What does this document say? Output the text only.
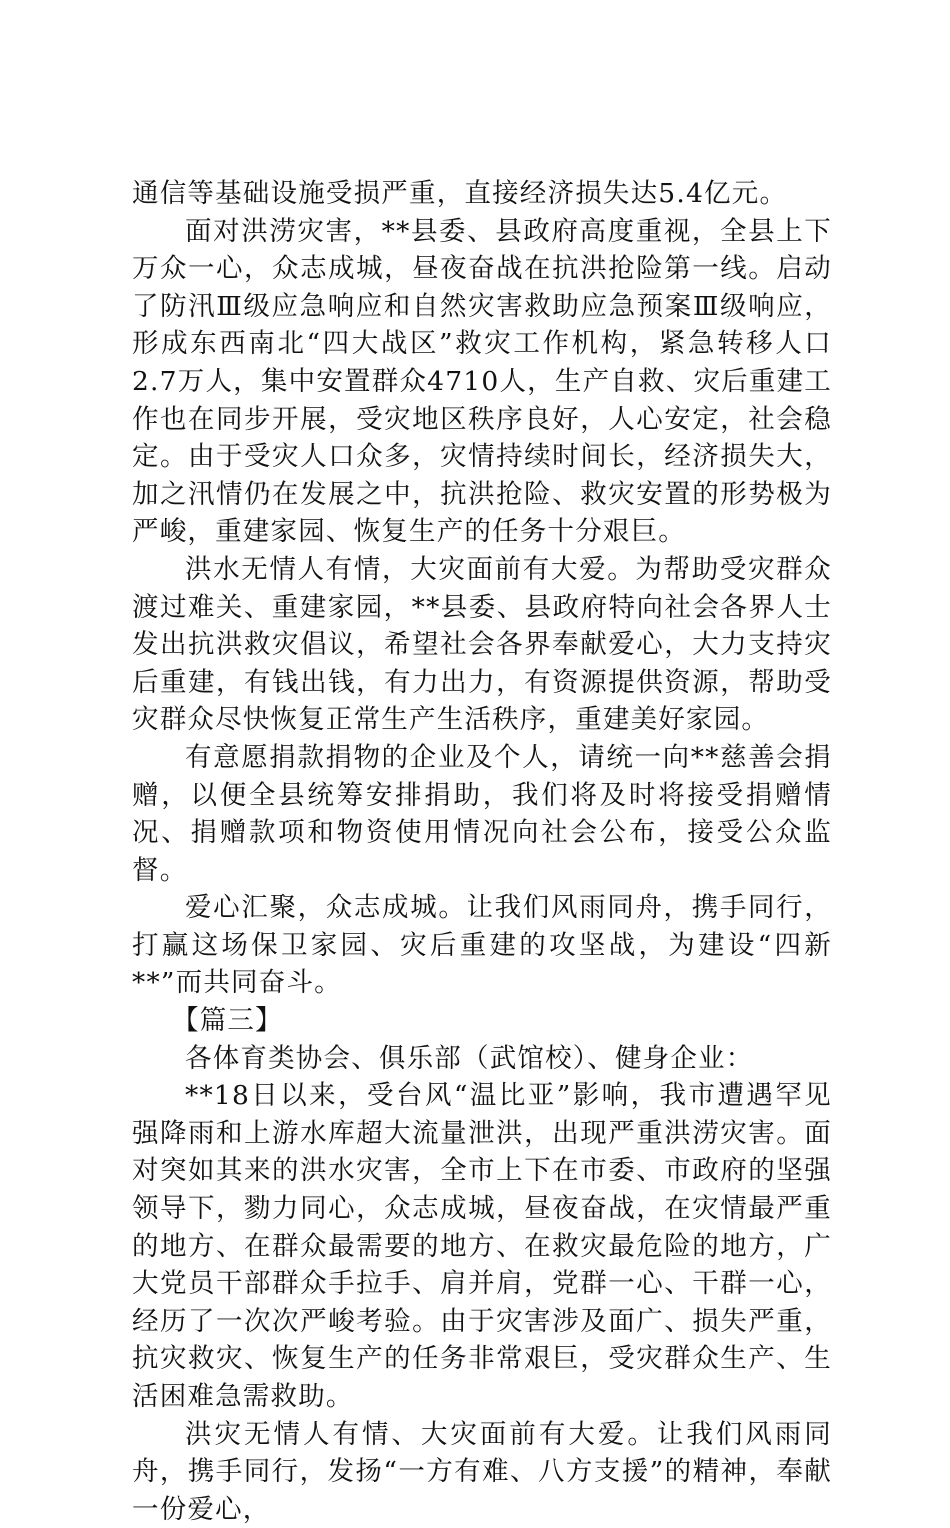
通信等基础设施受损严重，直接经济损失达5.4亿元。

面对洪涝灾害，**县委、县政府高度重视，全县上下万众一心，众志成城，昼夜奋战在抗洪抢险第一线。启动了防汛Ⅲ级应急响应和自然灾害救助应急预案Ⅲ级响应，形成东西南北“四大战区”救灾工作机构，紧急转移人口2.7万人，集中安置群众4710人，生产自救、灾后重建工作也在同步开展，受灾地区秩序良好，人心安定，社会稳定。由于受灾人口众多，灾情持续时间长，经济损失大，加之汛情仍在发展之中，抗洪抢险、救灾安置的形势极为严峻，重建家园、恢复生产的任务十分艰巨。

洪水无情人有情，大灾面前有大爱。为帮助受灾群众渡过难关、重建家园，**县委、县政府特向社会各界人士发出抗洪救灾倡议，希望社会各界奉献爱心，大力支持灾后重建，有钱出钱，有力出力，有资源提供资源，帮助受灾群众尽快恢复正常生产生活秩序，重建美好家园。

有意愿捐款捐物的企业及个人，请统一向**慈善会捐赠，以便全县统筹安排捐助，我们将及时将接受捐赠情况、捐赠款项和物资使用情况向社会公布，接受公众监督。

爱心汇聚，众志成城。让我们风雨同舟，携手同行，打赢这场保卫家园、灾后重建的攻坚战，为建设“四新**”而共同奋斗。

【篇三】

各体育类协会、俱乐部（武馆校）、健身企业：

**18日以来，受台风“温比亚”影响，我市遭遇罕见强降雨和上游水库超大流量泄洪，出现严重洪涝灾害。面对突如其来的洪水灾害，全市上下在市委、市政府的坚强领导下，勠力同心，众志成城，昼夜奋战，在灾情最严重的地方、在群众最需要的地方、在救灾最危险的地方，广大党员干部群众手拉手、肩并肩，党群一心、干群一心，经历了一次次严峻考验。由于灾害涉及面广、损失严重，抗灾救灾、恢复生产的任务非常艰巨，受灾群众生产、生活困难急需救助。

洪灾无情人有情、大灾面前有大爱。让我们风雨同舟，携手同行，发扬“一方有难、八方支援”的精神，奉献一份爱心，
